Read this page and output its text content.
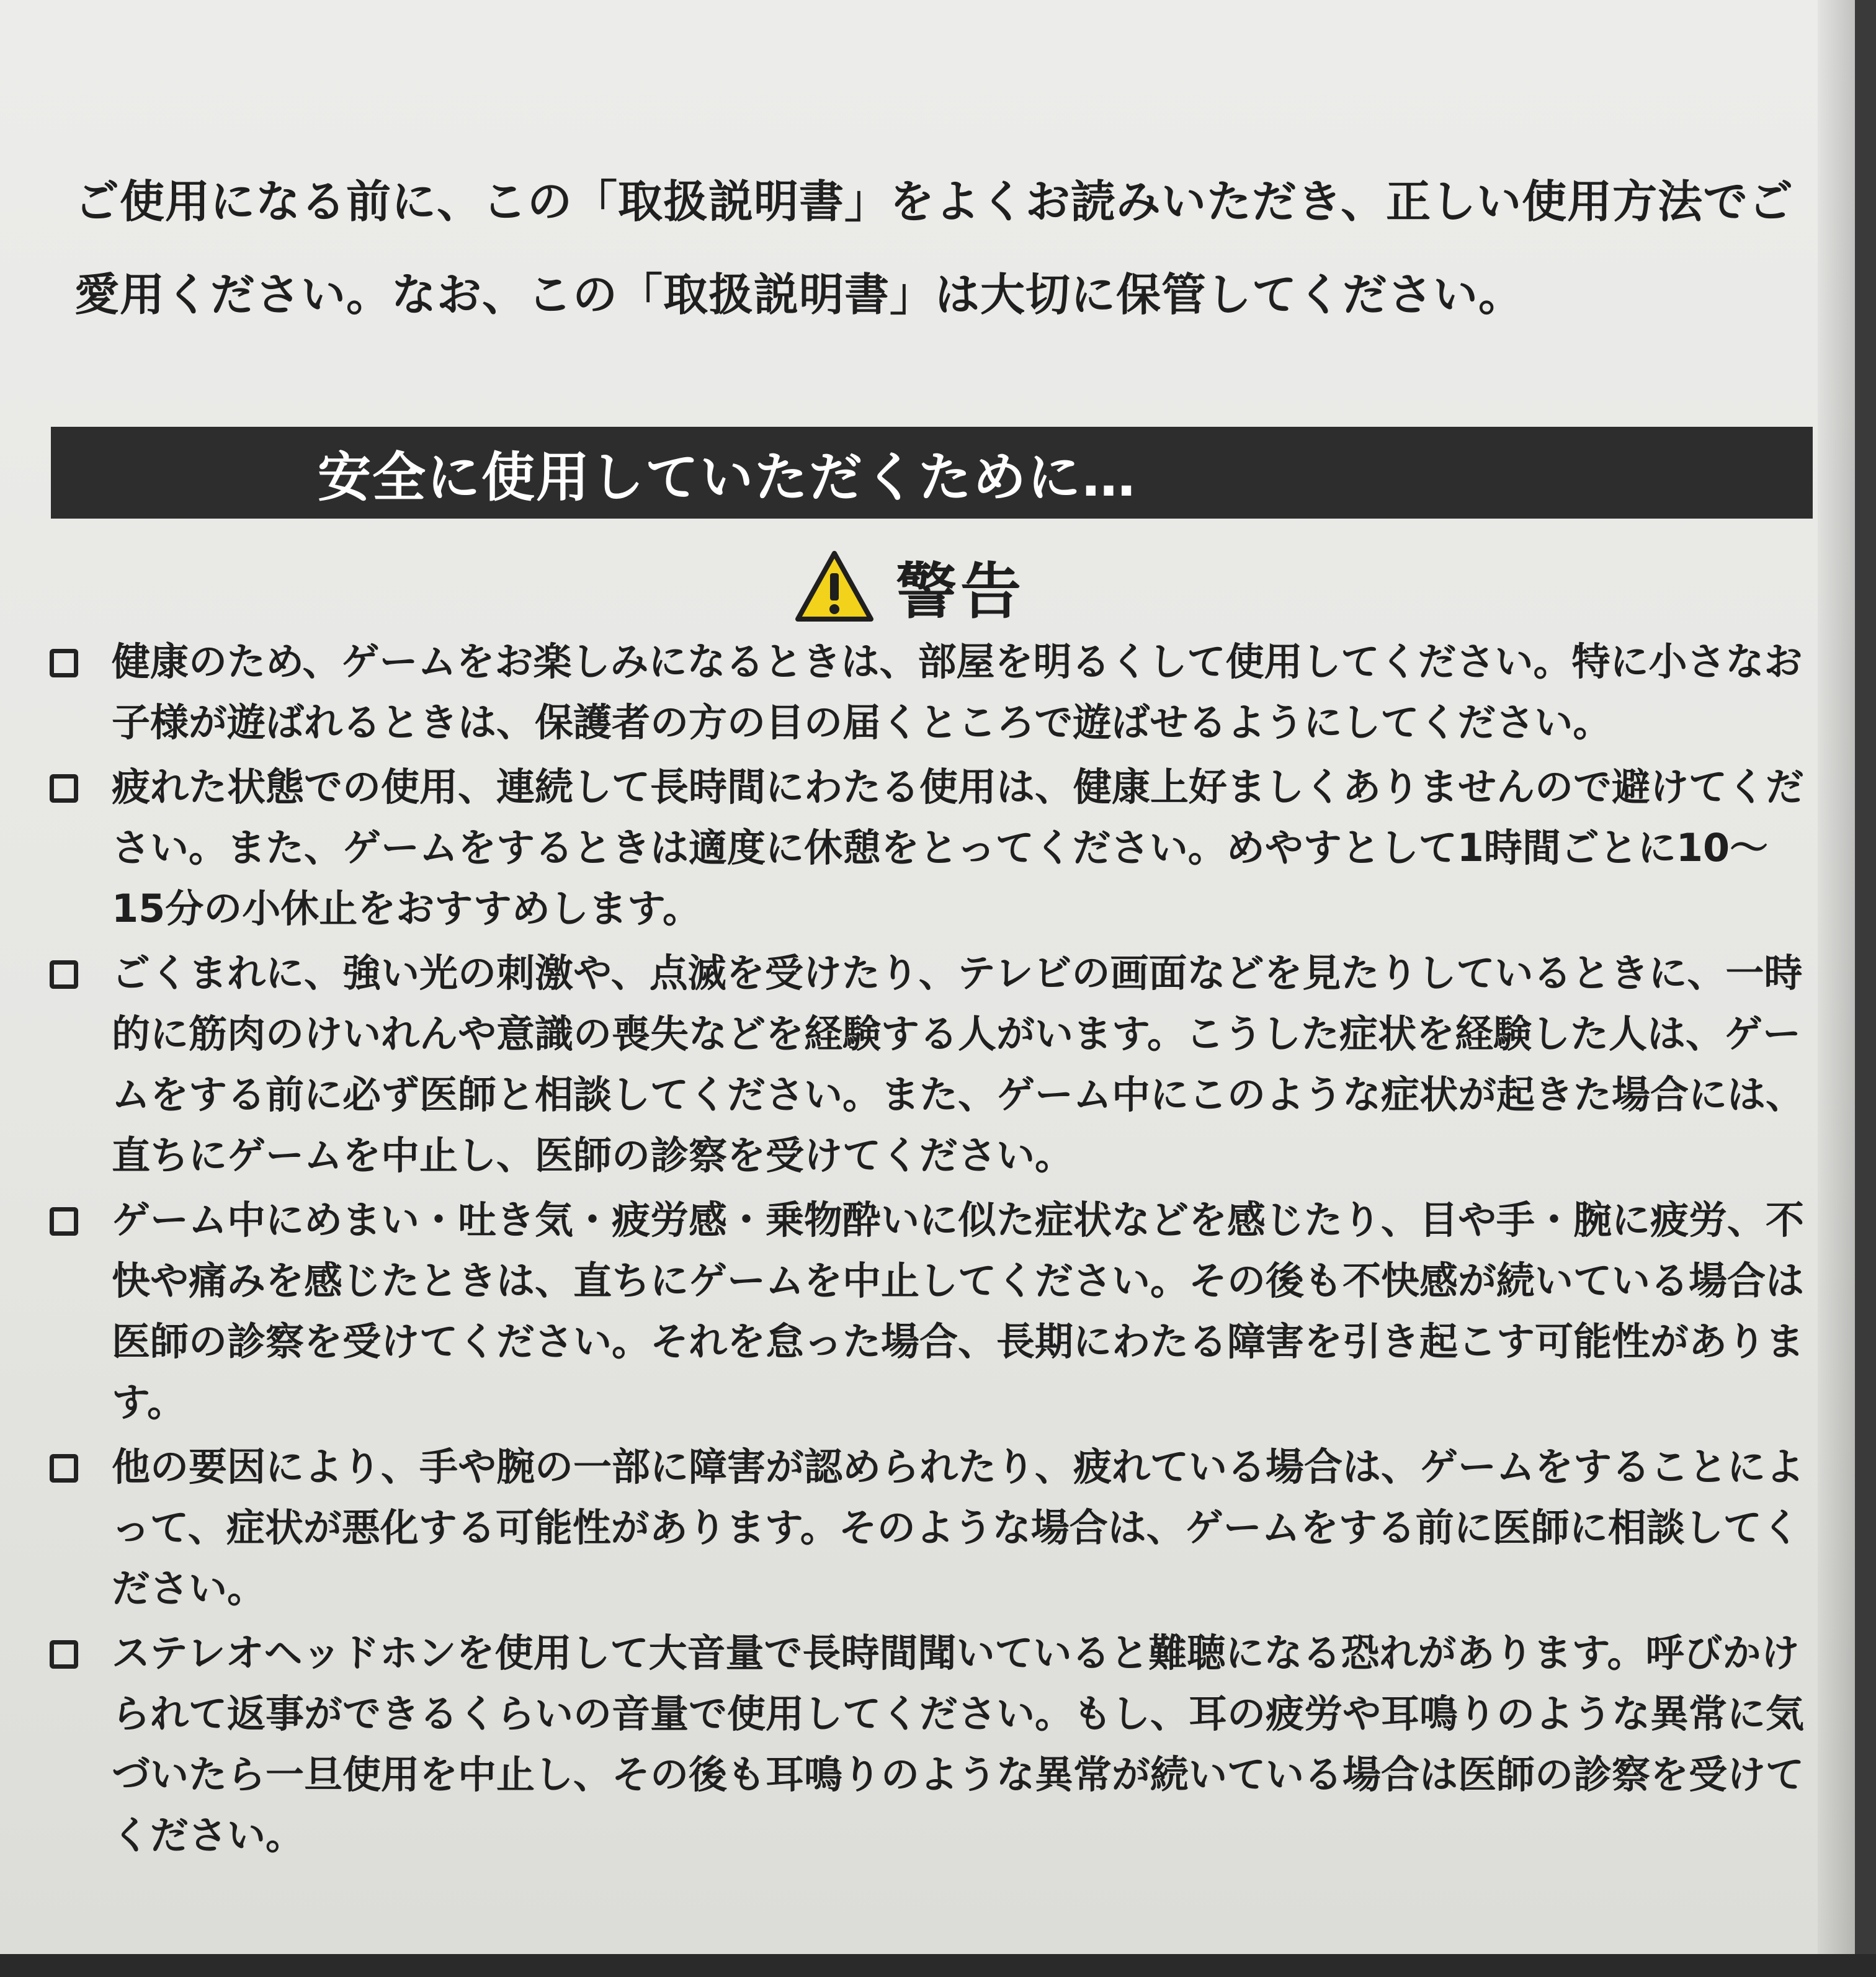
ご使用になる前に、この「取扱説明書」をよくお読みいただき、正しい使用方法でご

愛用ください。なお、この「取扱説明書」は大切に保管してください。

安全に使用していただくために…
警告
健康のため、ゲームをお楽しみになるときは、部屋を明るくして使用してください。特に小さなお子様が遊ばれるときは、保護者の方の目の届くところで遊ばせるようにしてください。
疲れた状態での使用、連続して長時間にわたる使用は、健康上好ましくありませんので避けてください。また、ゲームをするときは適度に休憩をとってください。めやすとして1時間ごとに10〜15分の小休止をおすすめします。
ごくまれに、強い光の刺激や、点滅を受けたり、テレビの画面などを見たりしているときに、一時的に筋肉のけいれんや意識の喪失などを経験する人がいます。こうした症状を経験した人は、ゲームをする前に必ず医師と相談してください。また、ゲーム中にこのような症状が起きた場合には、直ちにゲームを中止し、医師の診察を受けてください。
ゲーム中にめまい・吐き気・疲労感・乗物酔いに似た症状などを感じたり、目や手・腕に疲労、不快や痛みを感じたときは、直ちにゲームを中止してください。その後も不快感が続いている場合は医師の診察を受けてください。それを怠った場合、長期にわたる障害を引き起こす可能性があります。
他の要因により、手や腕の一部に障害が認められたり、疲れている場合は、ゲームをすることによって、症状が悪化する可能性があります。そのような場合は、ゲームをする前に医師に相談してください。
ステレオヘッドホンを使用して大音量で長時間聞いていると難聴になる恐れがあります。呼びかけられて返事ができるくらいの音量で使用してください。もし、耳の疲労や耳鳴りのような異常に気づいたら一旦使用を中止し、その後も耳鳴りのような異常が続いている場合は医師の診察を受けてください。
